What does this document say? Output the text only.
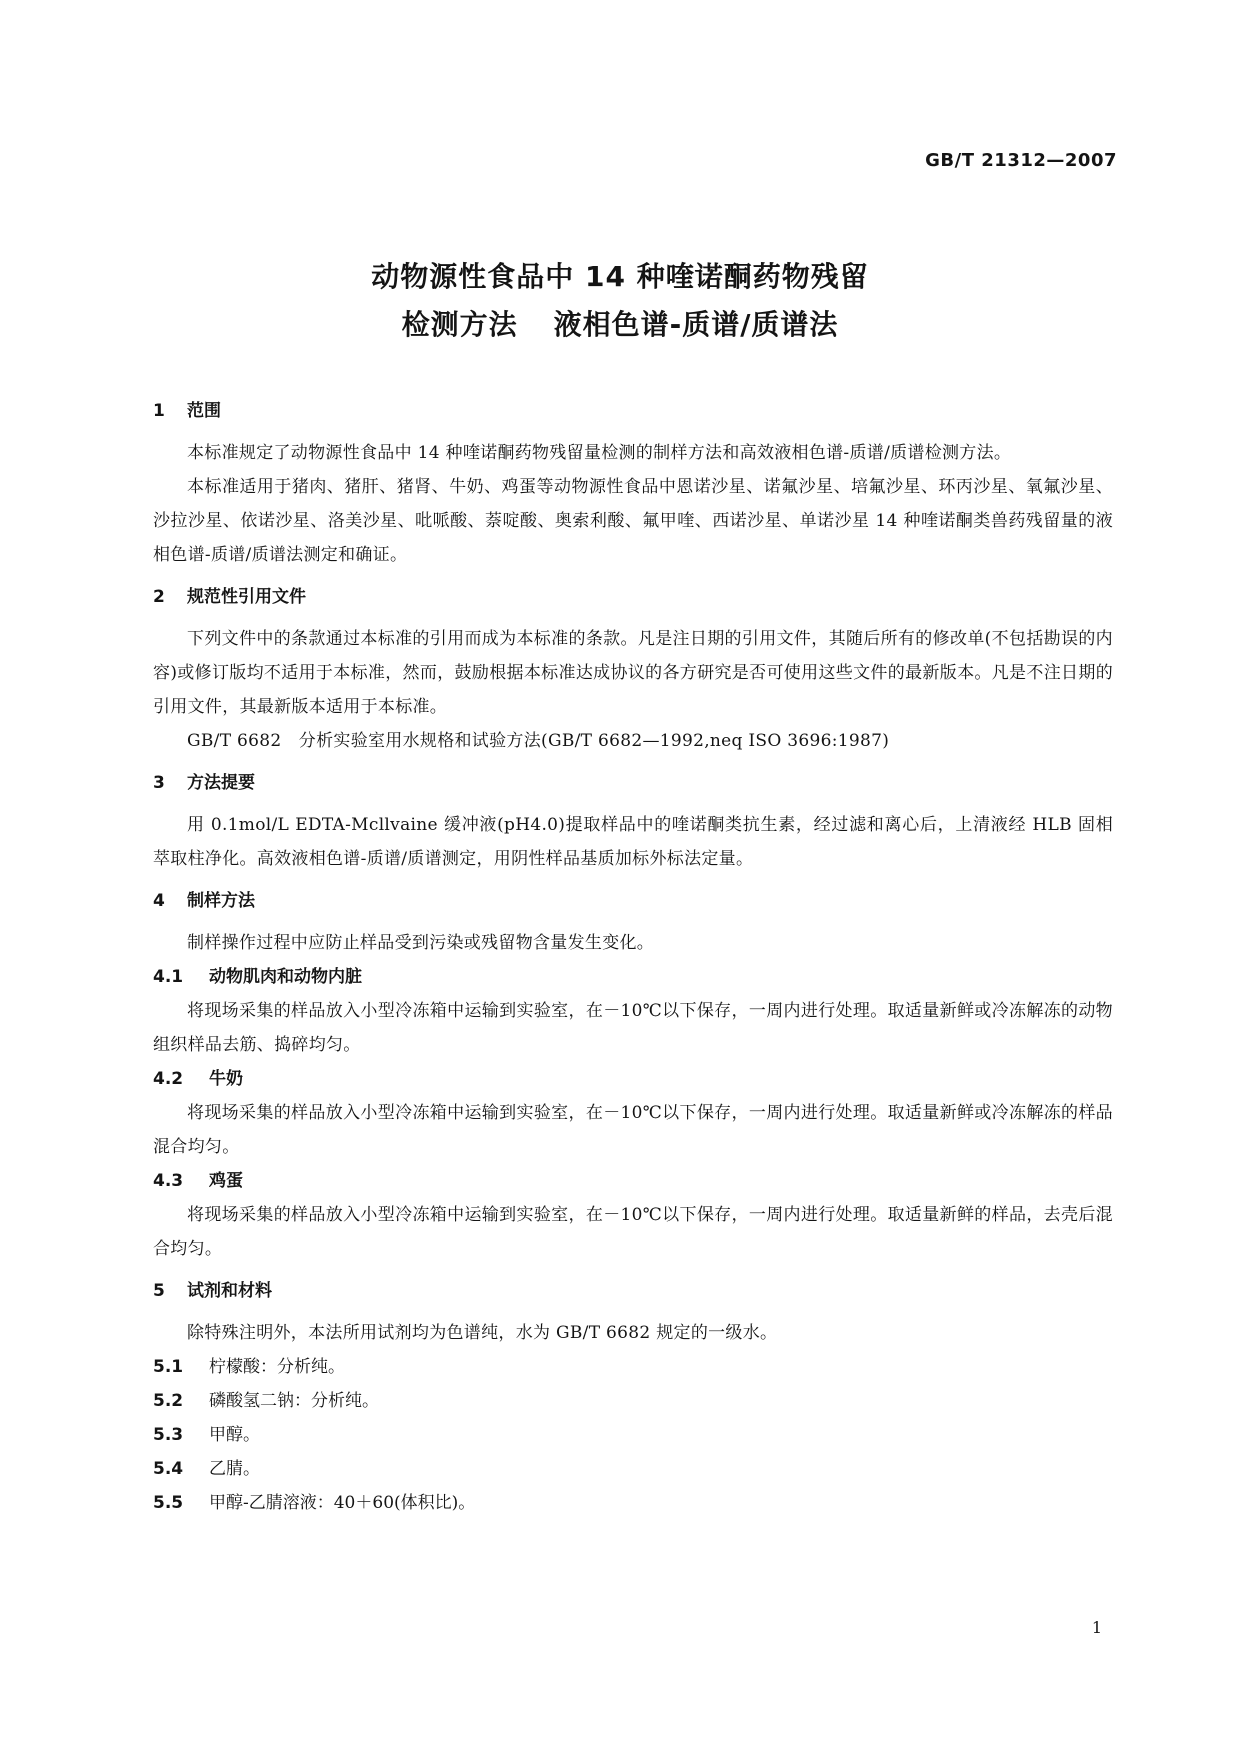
GB/T 21312—2007
动物源性食品中 14 种喹诺酮药物残留
检测方法 液相色谱-质谱/质谱法
1 范围

本标准规定了动物源性食品中 14 种喹诺酮药物残留量检测的制样方法和高效液相色谱-质谱/质谱检测方法。

本标准适用于猪肉、猪肝、猪肾、牛奶、鸡蛋等动物源性食品中恩诺沙星、诺氟沙星、培氟沙星、环丙沙星、氧氟沙星、沙拉沙星、依诺沙星、洛美沙星、吡哌酸、萘啶酸、奥索利酸、氟甲喹、西诺沙星、单诺沙星 14 种喹诺酮类兽药残留量的液相色谱-质谱/质谱法测定和确证。

2 规范性引用文件

下列文件中的条款通过本标准的引用而成为本标准的条款。凡是注日期的引用文件，其随后所有的修改单(不包括勘误的内容)或修订版均不适用于本标准，然而，鼓励根据本标准达成协议的各方研究是否可使用这些文件的最新版本。凡是不注日期的引用文件，其最新版本适用于本标准。

GB/T 6682　分析实验室用水规格和试验方法(GB/T 6682—1992,neq ISO 3696:1987)

3 方法提要

用 0.1mol/L EDTA-Mcllvaine 缓冲液(pH4.0)提取样品中的喹诺酮类抗生素，经过滤和离心后，上清液经 HLB 固相萃取柱净化。高效液相色谱-质谱/质谱测定，用阴性样品基质加标外标法定量。

4 制样方法

制样操作过程中应防止样品受到污染或残留物含量发生变化。

4.1 动物肌肉和动物内脏

将现场采集的样品放入小型冷冻箱中运输到实验室，在－10℃以下保存，一周内进行处理。取适量新鲜或冷冻解冻的动物组织样品去筋、捣碎均匀。

4.2 牛奶

将现场采集的样品放入小型冷冻箱中运输到实验室，在－10℃以下保存，一周内进行处理。取适量新鲜或冷冻解冻的样品混合均匀。

4.3 鸡蛋

将现场采集的样品放入小型冷冻箱中运输到实验室，在－10℃以下保存，一周内进行处理。取适量新鲜的样品，去壳后混合均匀。

5 试剂和材料

除特殊注明外，本法所用试剂均为色谱纯，水为 GB/T 6682 规定的一级水。

5.1 柠檬酸：分析纯。
5.2 磷酸氢二钠：分析纯。
5.3 甲醇。
5.4 乙腈。
5.5 甲醇-乙腈溶液：40＋60(体积比)。
1
